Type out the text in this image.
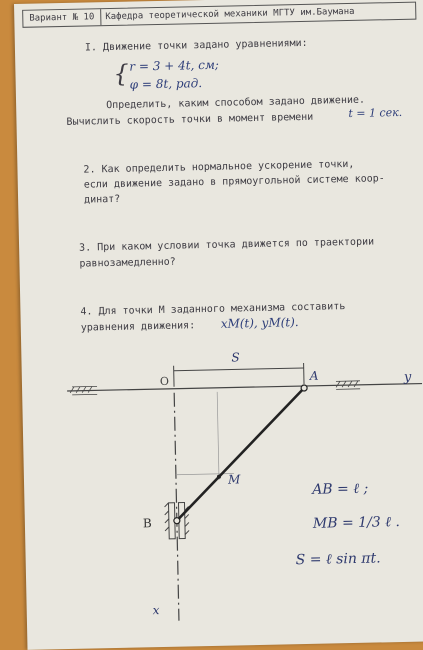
Вариант № 10	Кафедра теоретической механики МГТУ им.Баумана
I. Движение точки задано уравнениями:
{ r = 3 + 4t, см;
φ = 8t, рад.
Определить, каким способом задано движение.
Вычислить скорость точки в момент времени	t = 1 сек.
2. Как определить нормальное ускорение точки,
если движение задано в прямоугольной системе коор-
динат?
3. При каком условии точка движется по траектории
равнозамедленно?
4. Для точки М заданного механизма составить
уравнения движения: xM(t), yM(t).
S
O	A	y
M
B
x
AB = ℓ ;
MB = 1/3 ℓ .
S = ℓ sin πt.
